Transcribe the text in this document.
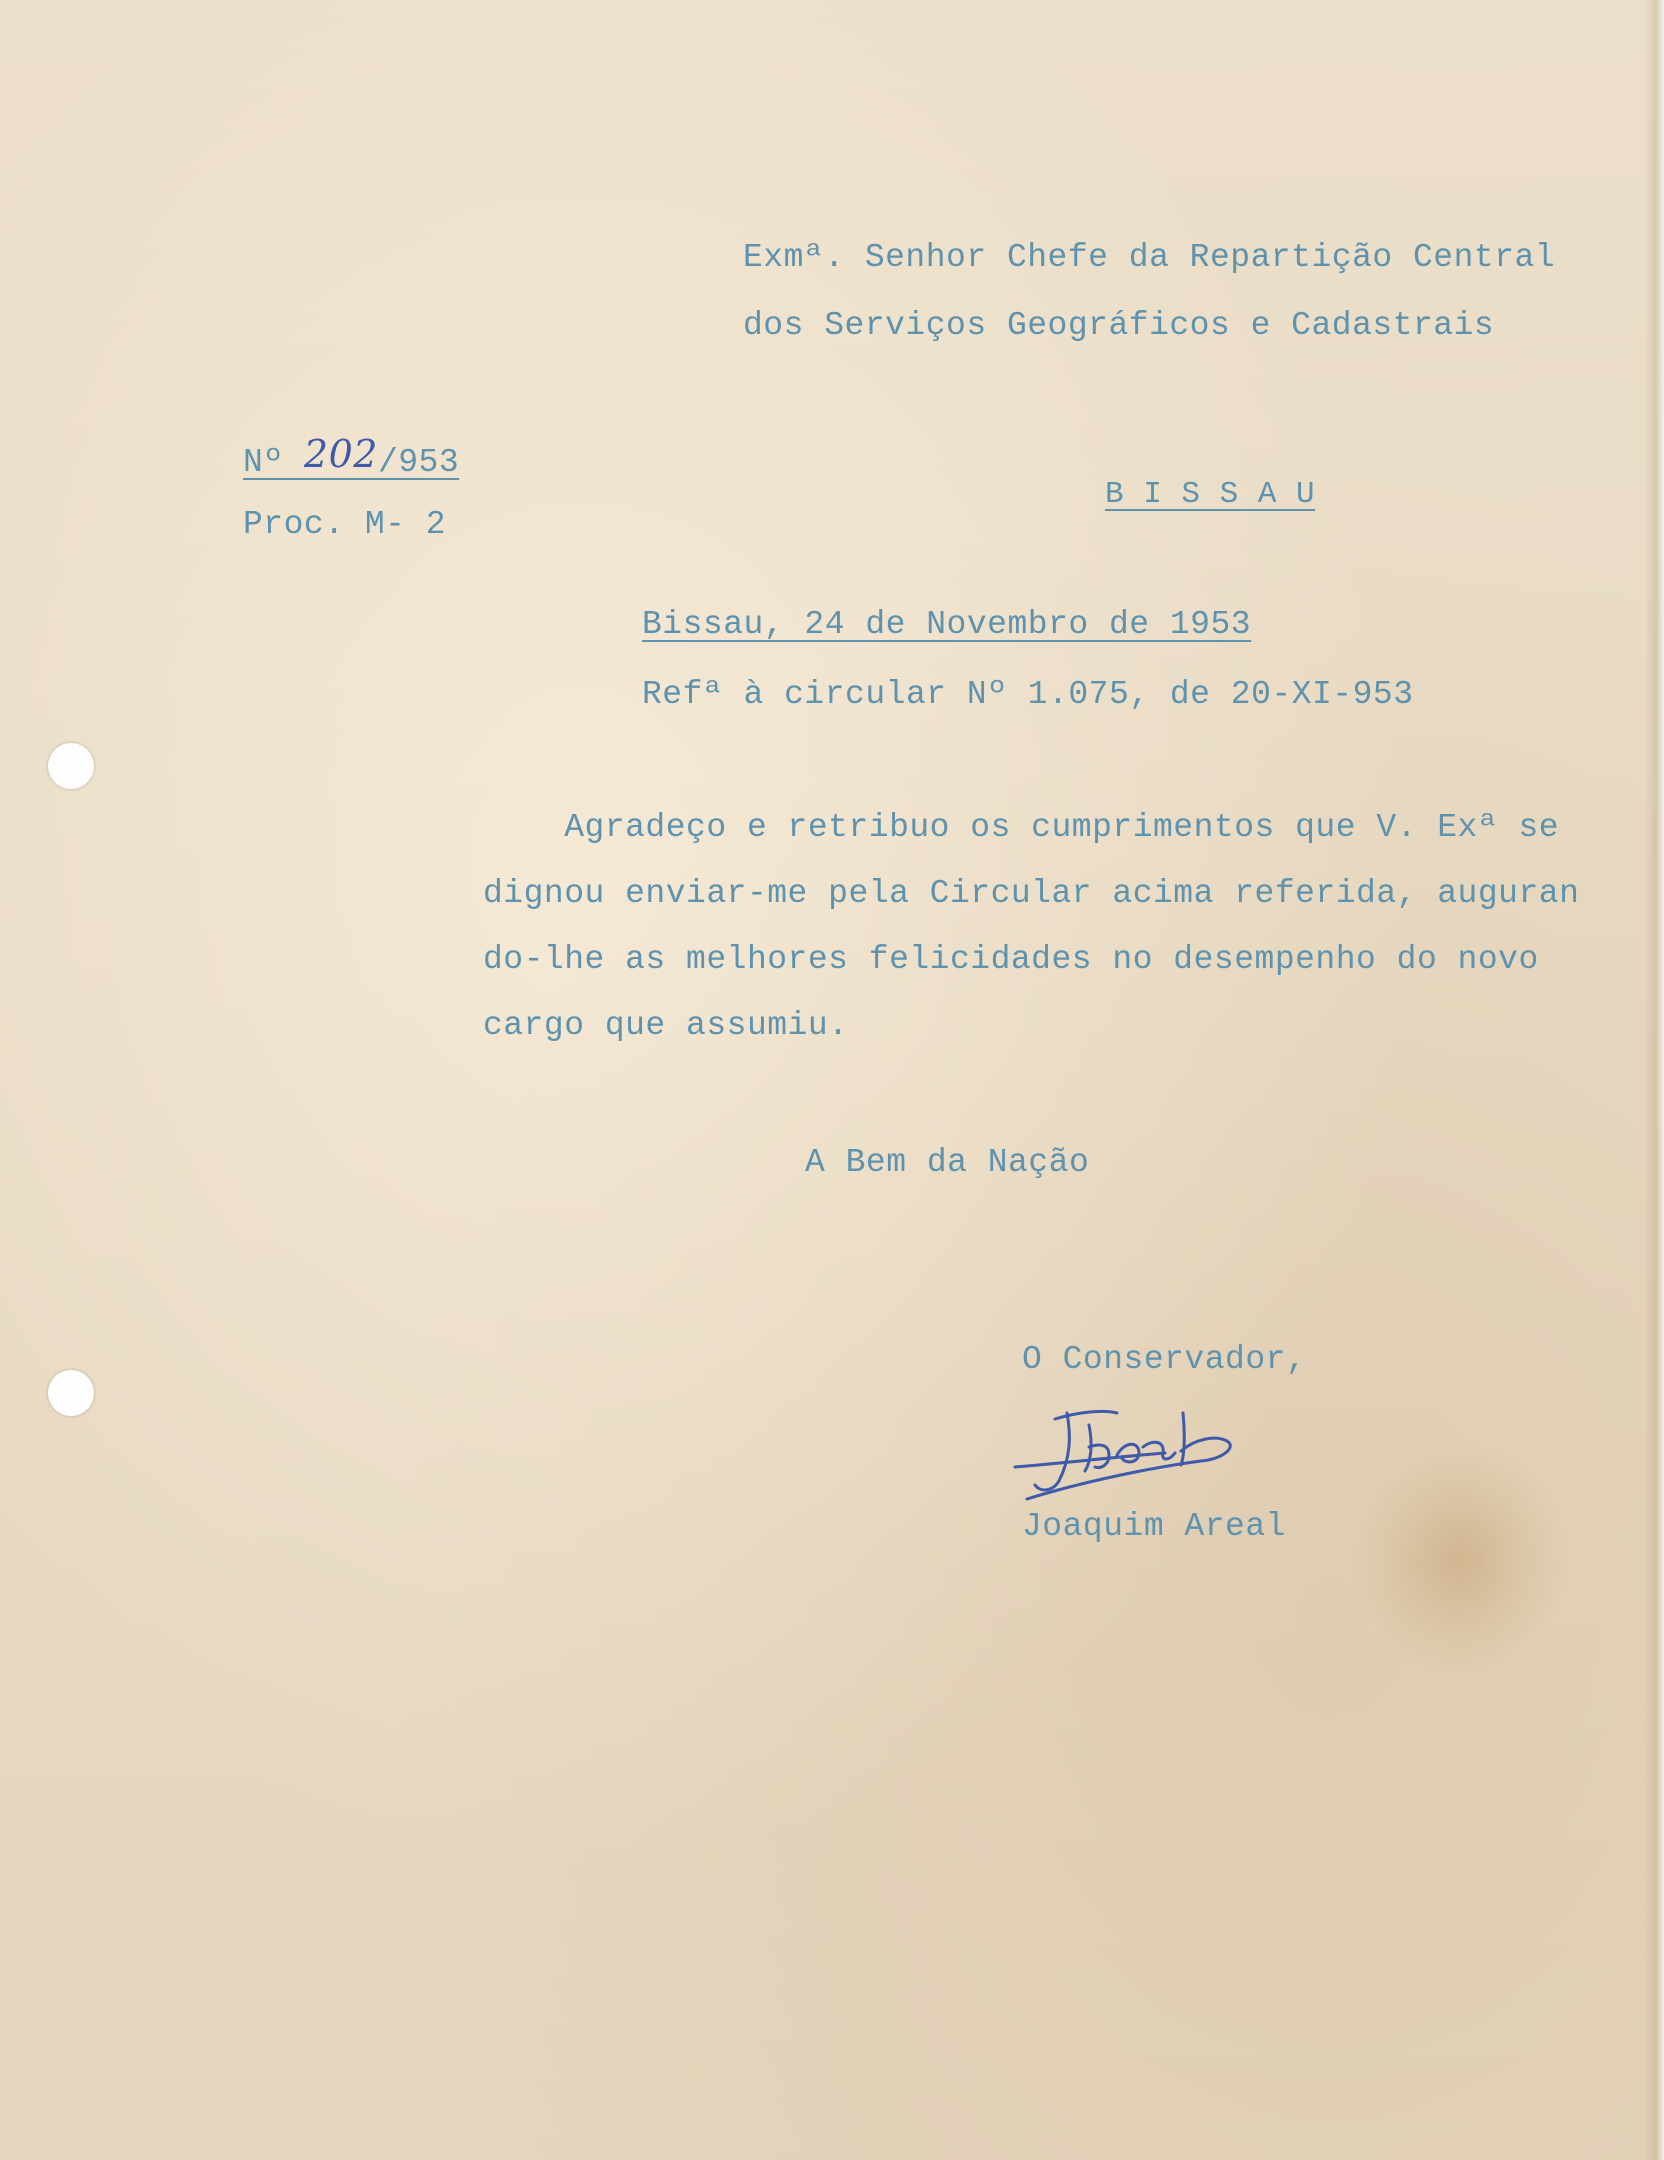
Exmª. Senhor Chefe da Repartição Central
dos Serviços Geográficos e Cadastrais
Nº 202/953
Proc. M- 2
B I S S A U
Bissau, 24 de Novembro de 1953
Refª à circular Nº 1.075, de 20-XI-953
Agradeço e retribuo os cumprimentos que V. Exª se
dignou enviar-me pela Circular acima referida, auguran
do-lhe as melhores felicidades no desempenho do novo
cargo que assumiu.
A Bem da Nação
O Conservador,
Joaquim Areal
